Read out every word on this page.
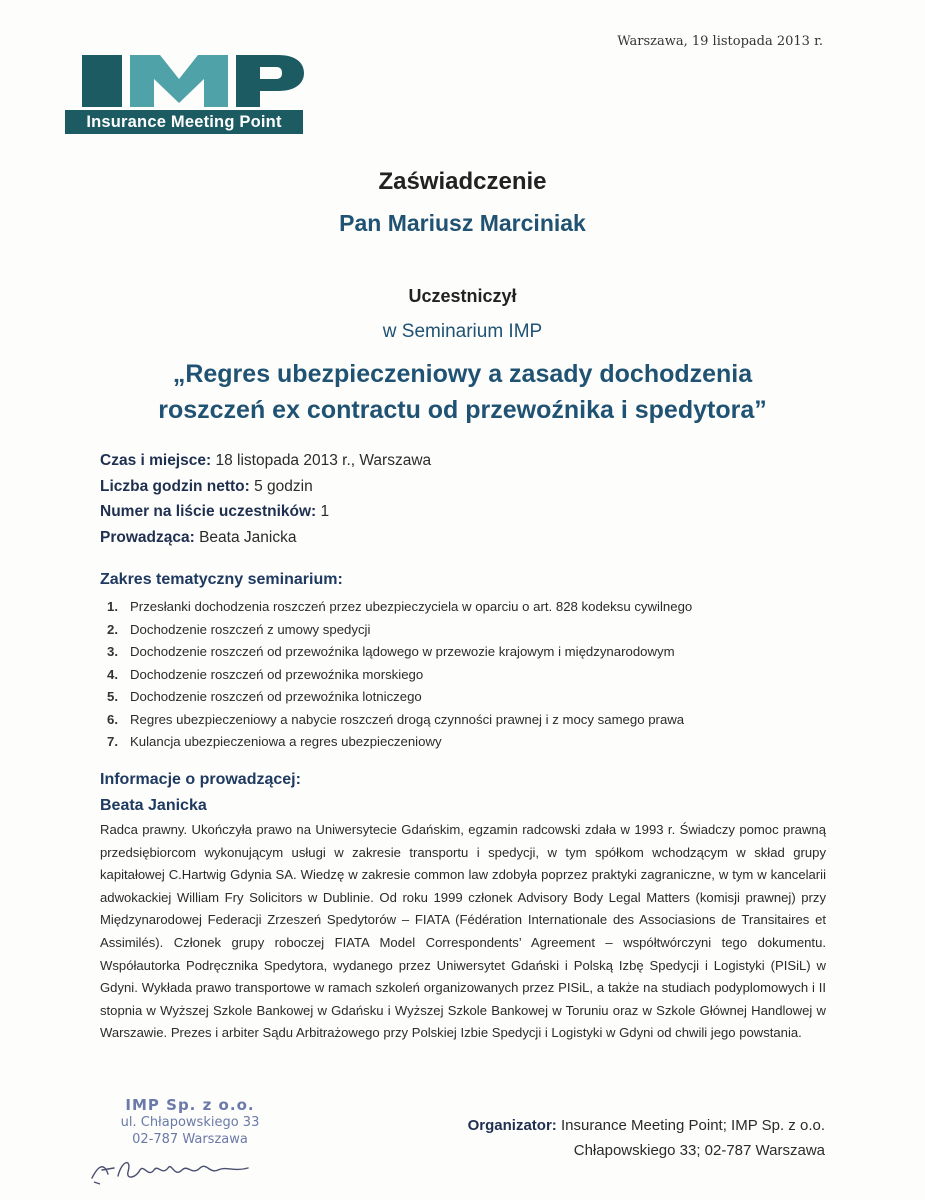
Warszawa, 19 listopada 2013 r.
Insurance Meeting Point
Zaświadczenie
Pan Mariusz Marciniak
Uczestniczył
w Seminarium IMP
„Regres ubezpieczeniowy a zasady dochodzenia
roszczeń ex contractu od przewoźnika i spedytora”
Czas i miejsce: 18 listopada 2013 r., Warszawa
Liczba godzin netto: 5 godzin
Numer na liście uczestników: 1
Prowadząca: Beata Janicka
Zakres tematyczny seminarium:
1. Przesłanki dochodzenia roszczeń przez ubezpieczyciela w oparciu o art. 828 kodeksu cywilnego
2. Dochodzenie roszczeń z umowy spedycji
3. Dochodzenie roszczeń od przewoźnika lądowego w przewozie krajowym i międzynarodowym
4. Dochodzenie roszczeń od przewoźnika morskiego
5. Dochodzenie roszczeń od przewoźnika lotniczego
6. Regres ubezpieczeniowy a nabycie roszczeń drogą czynności prawnej i z mocy samego prawa
7. Kulancja ubezpieczeniowa a regres ubezpieczeniowy
Informacje o prowadzącej:
Beata Janicka

Radca prawny. Ukończyła prawo na Uniwersytecie Gdańskim, egzamin radcowski zdała w 1993 r. Świadczy pomoc prawną przedsiębiorcom wykonującym usługi w zakresie transportu i spedycji, w tym spółkom wchodzącym w skład grupy kapitałowej C.Hartwig Gdynia SA. Wiedzę w zakresie common law zdobyła poprzez praktyki zagraniczne, w tym w kancelarii adwokackiej William Fry Solicitors w Dublinie. Od roku 1999 członek Advisory Body Legal Matters (komisji prawnej) przy Międzynarodowej Federacji Zrzeszeń Spedytorów – FIATA (Fédération Internationale des Associasions de Transitaires et Assimilés). Członek grupy roboczej FIATA Model Correspondents’ Agreement – współtwórczyni tego dokumentu. Współautorka Podręcznika Spedytora, wydanego przez Uniwersytet Gdański i Polską Izbę Spedycji i Logistyki (PISiL) w Gdyni. Wykłada prawo transportowe w ramach szkoleń organizowanych przez PISiL, a także na studiach podyplomowych i II stopnia w Wyższej Szkole Bankowej w Gdańsku i Wyższej Szkole Bankowej w Toruniu oraz w Szkole Głównej Handlowej w Warszawie. Prezes i arbiter Sądu Arbitrażowego przy Polskiej Izbie Spedycji i Logistyki w Gdyni od chwili jego powstania.

IMP Sp. z o.o.
ul. Chłapowskiego 33
02-787 Warszawa
Organizator: Insurance Meeting Point; IMP Sp. z o.o.
Chłapowskiego 33; 02-787 Warszawa
